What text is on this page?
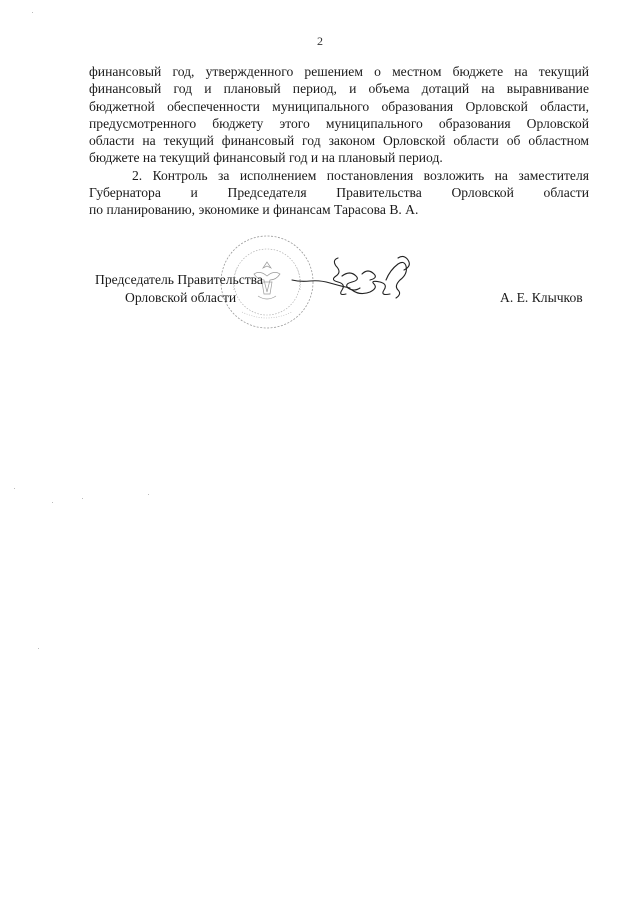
2
финансовый год, утвержденного решением о местном бюджете на текущий
финансовый год и плановый период, и объема дотаций на выравнивание
бюджетной обеспеченности муниципального образования Орловской области,
предусмотренного бюджету этого муниципального образования Орловской
области на текущий финансовый год законом Орловской области об областном
бюджете на текущий финансовый год и на плановый период.
2. Контроль за исполнением постановления возложить на заместителя
Губернатора и Председателя Правительства Орловской области
по планированию, экономике и финансам Тарасова В. А.
Председатель Правительства
Орловской области	А. Е. Клычков
